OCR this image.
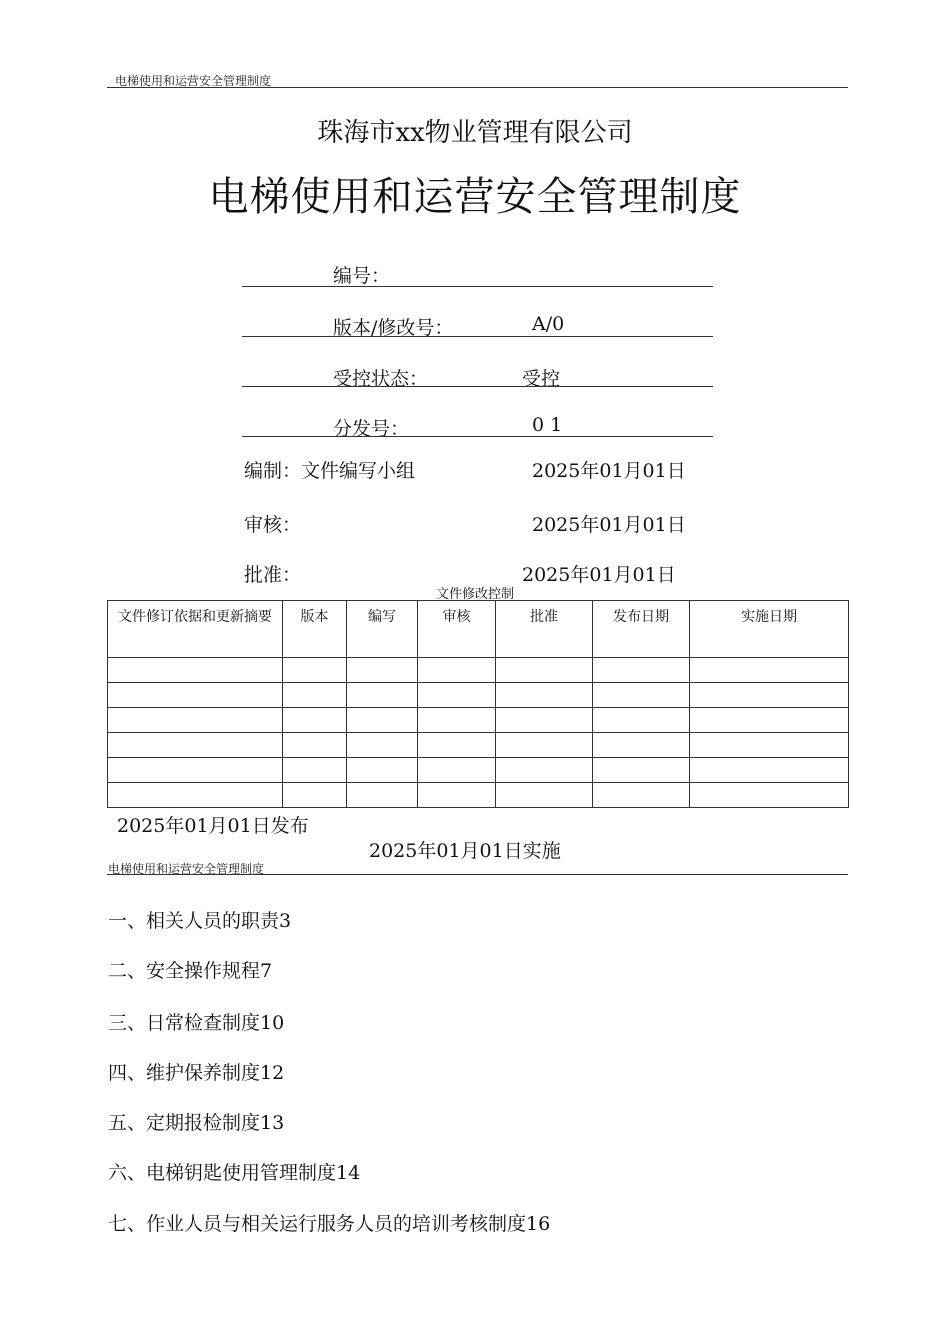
电梯使用和运营安全管理制度
珠海市xx物业管理有限公司
电梯使用和运营安全管理制度
编号：
版本/修改号：	A/0
受控状态：	受控
分发号：	0 1
编制：文件编写小组	2025年01月01日
审核：	2025年01月01日
批准：	2025年01月01日
文件修改控制
文件修订依据和更新摘要	版本	编写	审核	批准	发布日期	实施日期

2025年01月01日发布
2025年01月01日实施
电梯使用和运营安全管理制度
一、相关人员的职责3
二、安全操作规程7
三、日常检查制度10
四、维护保养制度12
五、定期报检制度13
六、电梯钥匙使用管理制度14
七、作业人员与相关运行服务人员的培训考核制度16
